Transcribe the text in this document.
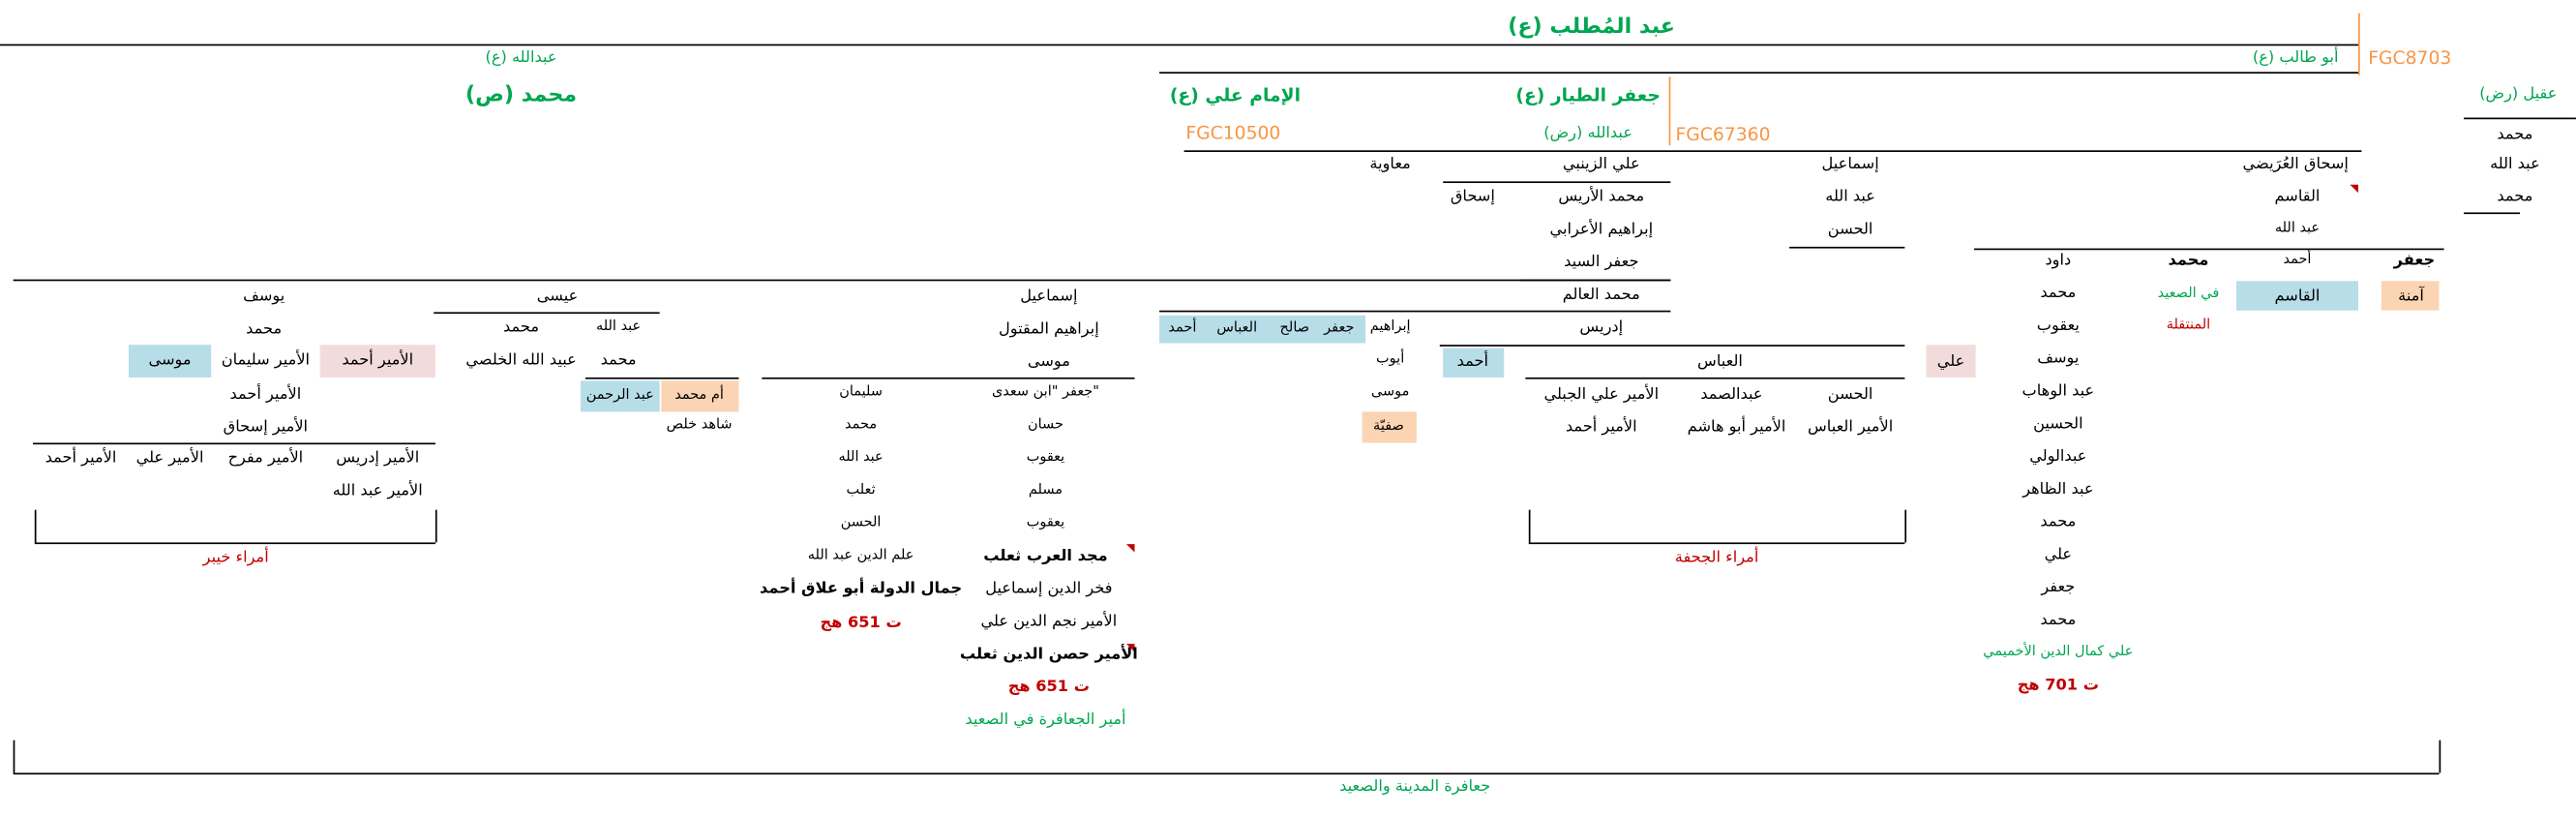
عبد المُطلب (ع)
FGC8703
عبدالله (ع)	أبو طالب (ع)
محمد (ص)	الإمام علي (ع)
FGC10500
جعفر الطيار (ع)
عبدالله (رض)	FGC67360
عقيل (رض)
محمد
عبد الله
محمد
معاوية	علي الزينبي	إسماعيل	إسحاق العُرَيضي
إسحاق	محمد الأريس	عبد الله	القاسم
إبراهيم الأعرابي	الحسن	عبد الله
جعفر السيد
محمد العالم
إدريس
جعفر
أحمد
محمد
آمنة
القاسم
في الصعيد
المنتقلة
داود
محمد
يعقوب
يوسف
عبد الوهاب
الحسين
عبدالولي
عبد الظاهر
محمد
علي
جعفر
محمد
علي كمال الدين الأخميمي
ت 701 هج
إبراهيم
جعفر
صالح
العباس
أحمد
أيوب
موسى
صفيّة
أحمد	العباس	علي
الحسن
عبدالصمد
الأمير علي الجبلي
الأمير العباس
الأمير أبو هاشم
الأمير أحمد
أمراء الجحفة
إسماعيل
إبراهيم المقتول
موسى
جعفر "ابن سعدى"
سليمان
حسان
يعقوب
مسلم
يعقوب
محمد
عبد الله
ثعلب
الحسن
مجد العرب ثعلب
علم الدين عبد الله
فخر الدين إسماعيل
جمال الدولة أبو علاق أحمد
الأمير نجم الدين علي
ت 651 هج
الأمير حصن الدين ثعلب
ت 651 هج
أمير الجعافرة في الصعيد
عيسى
عبد الله
محمد
محمد
عبيد الله الخلصي
أم محمد
عبد الرحمن
شاهد خلص
يوسف
محمد
الأمير أحمد
الأمير سليمان
موسى
الأمير أحمد
الأمير إسحاق
الأمير إدريس
الأمير مفرح
الأمير علي
الأمير أحمد
الأمير عبد الله
أمراء خيبر
جعافرة المدينة والصعيد
